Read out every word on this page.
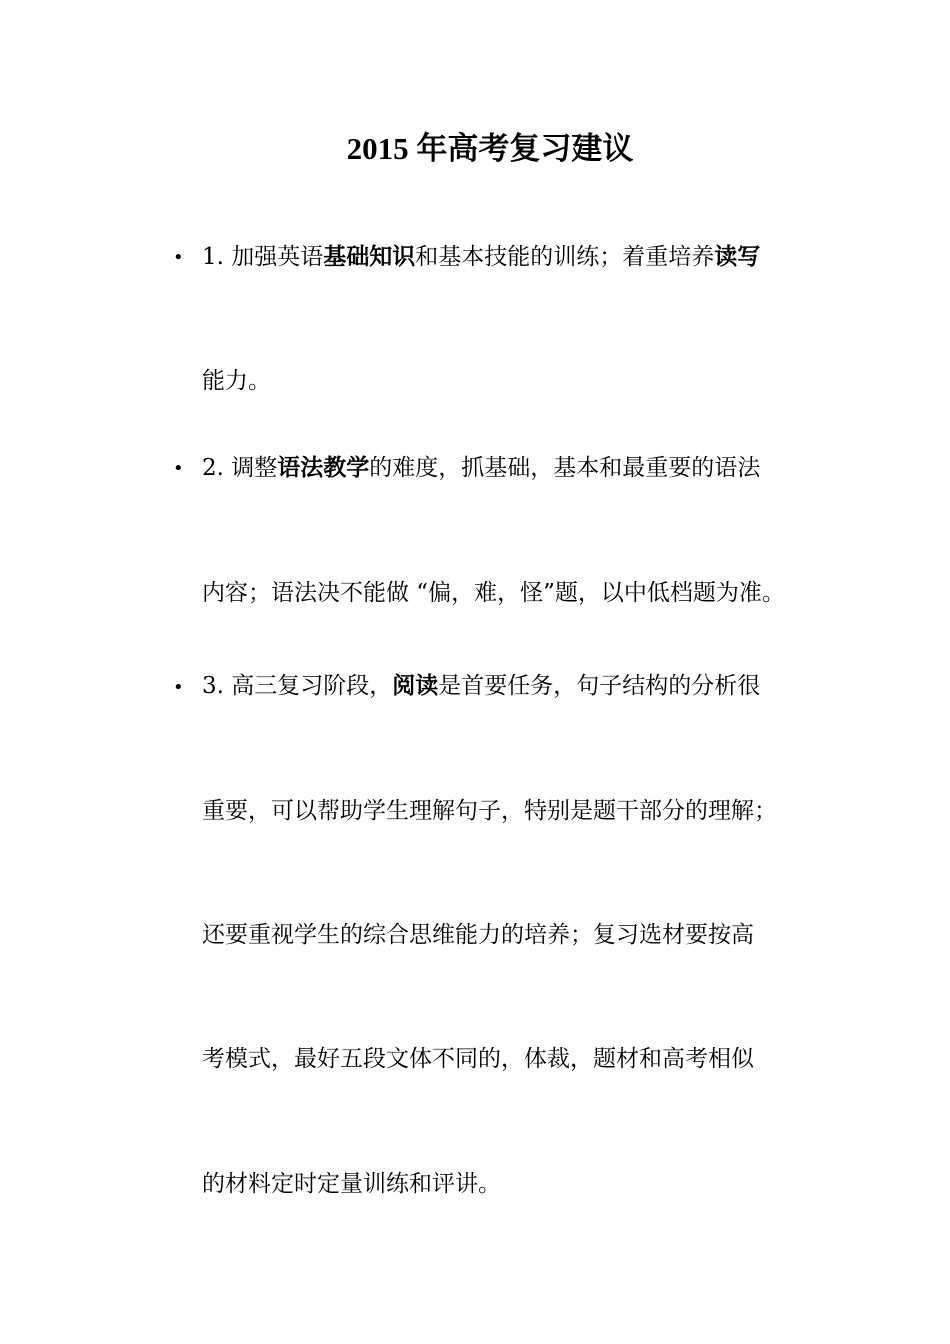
2015 年高考复习建议
• 1. 加强英语基础知识和基本技能的训练；着重培养读写

能力。

• 2. 调整语法教学的难度，抓基础，基本和最重要的语法

内容；语法决不能做 “偏，难，怪”题，以中低档题为准。

• 3. 高三复习阶段，阅读是首要任务，句子结构的分析很

重要，可以帮助学生理解句子，特别是题干部分的理解；

还要重视学生的综合思维能力的培养；复习选材要按高

考模式，最好五段文体不同的，体裁，题材和高考相似

的材料定时定量训练和评讲。
